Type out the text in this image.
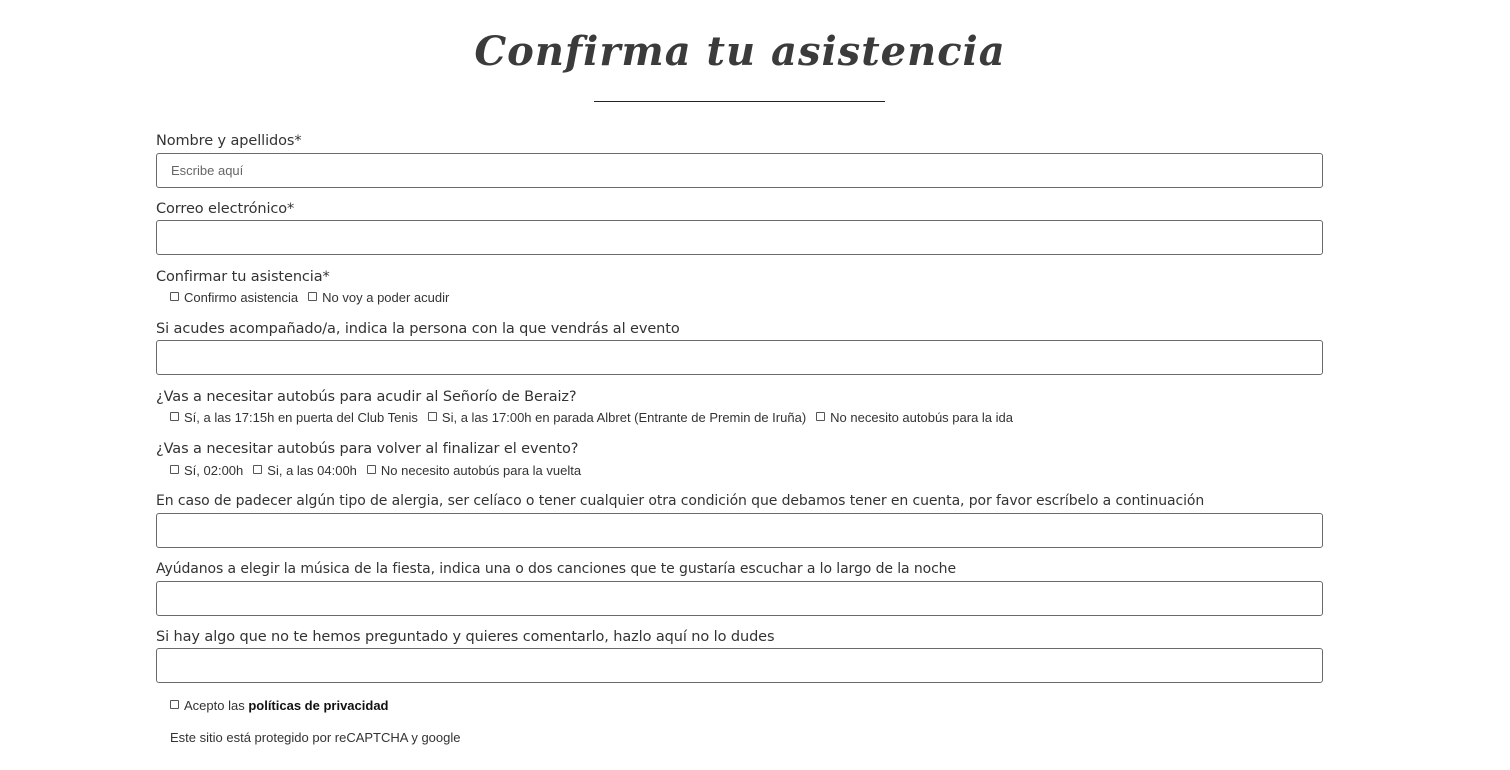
Confirma tu asistencia
Nombre y apellidos*
Escribe aquí
Correo electrónico*
Confirmar tu asistencia*
Confirmo asistencia No voy a poder acudir
Si acudes acompañado/a, indica la persona con la que vendrás al evento
¿Vas a necesitar autobús para acudir al Señorío de Beraiz?
Sí, a las 17:15h en puerta del Club Tenis Si, a las 17:00h en parada Albret (Entrante de Premin de Iruña) No necesito autobús para la ida
¿Vas a necesitar autobús para volver al finalizar el evento?
Sí, 02:00h Si, a las 04:00h No necesito autobús para la vuelta
En caso de padecer algún tipo de alergia, ser celíaco o tener cualquier otra condición que debamos tener en cuenta, por favor escríbelo a continuación
Ayúdanos a elegir la música de la fiesta, indica una o dos canciones que te gustaría escuchar a lo largo de la noche
Si hay algo que no te hemos preguntado y quieres comentarlo, hazlo aquí no lo dudes
Acepto las políticas de privacidad
Este sitio está protegido por reCAPTCHA y google
